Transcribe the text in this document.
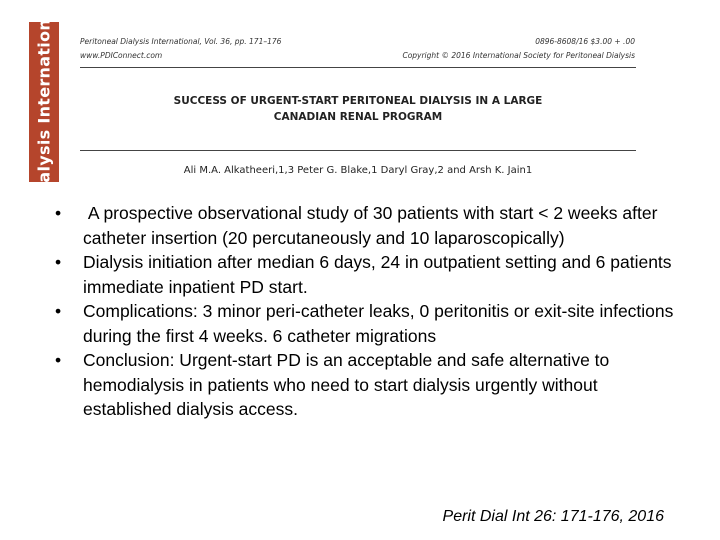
Dialysis International	Peritoneal Dialysis International, Vol. 36, pp. 171–176
www.PDIConnect.com
0896-8608/16 $3.00 + .00
Copyright © 2016 International Society for Peritoneal Dialysis
SUCCESS OF URGENT-START PERITONEAL DIALYSIS IN A LARGE
CANADIAN RENAL PROGRAM
Ali M.A. Alkatheeri,1,3 Peter G. Blake,1 Daryl Gray,2 and Arsh K. Jain1
• A prospective observational study of 30 patients with start < 2 weeks after catheter insertion (20 percutaneously and 10 laparoscopically)
• Dialysis initiation after median 6 days, 24 in outpatient setting and 6 patients immediate inpatient PD start.
• Complications: 3 minor peri-catheter leaks, 0 peritonitis or exit-site infections during the first 4 weeks. 6 catheter migrations
• Conclusion: Urgent-start PD is an acceptable and safe alternative to hemodialysis in patients who need to start dialysis urgently without established dialysis access.
Perit Dial Int 26: 171-176, 2016
